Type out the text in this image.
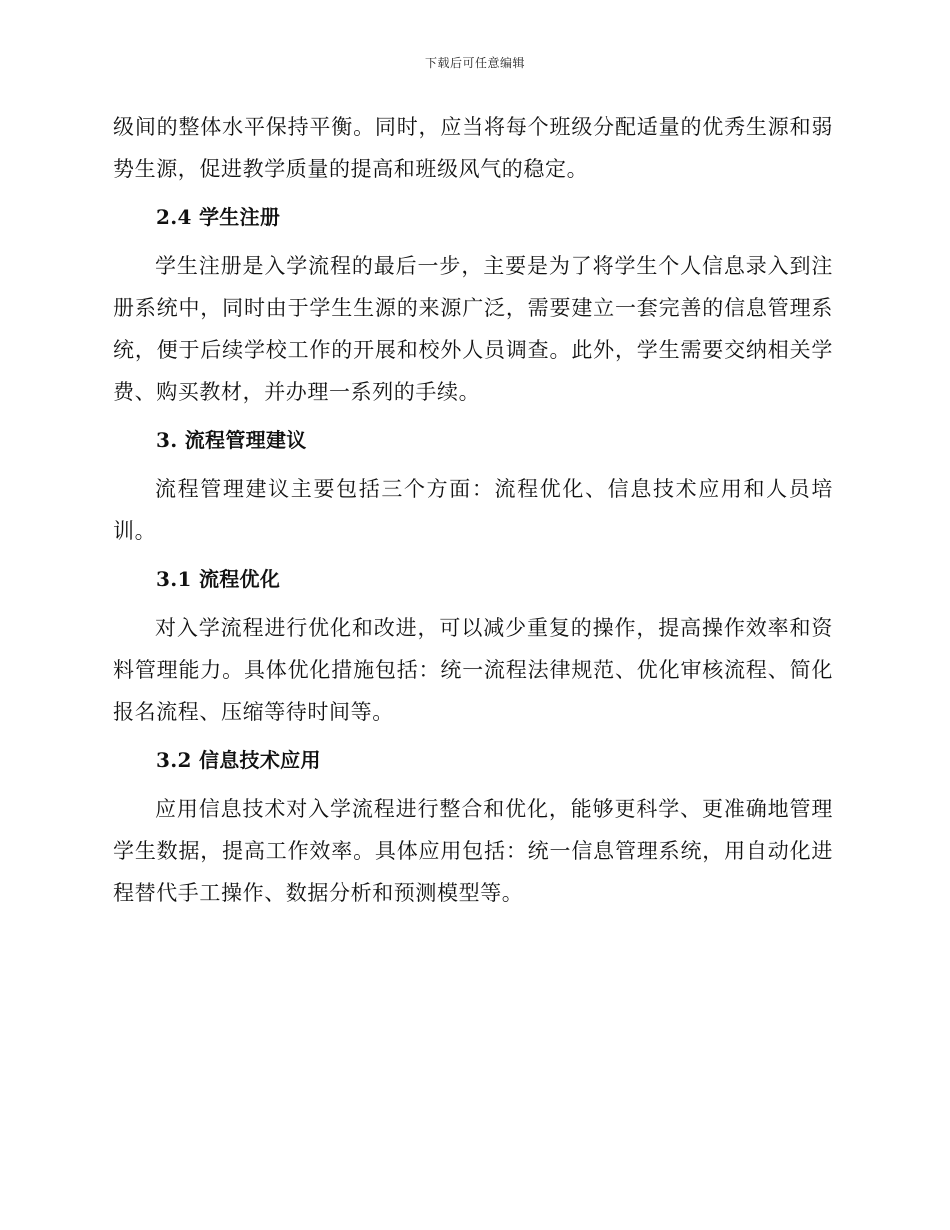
下载后可任意编辑

级间的整体水平保持平衡。同时，应当将每个班级分配适量的优秀生源和弱势生源，促进教学质量的提高和班级风气的稳定。

2.4 学生注册

学生注册是入学流程的最后一步，主要是为了将学生个人信息录入到注册系统中，同时由于学生生源的来源广泛，需要建立一套完善的信息管理系统，便于后续学校工作的开展和校外人员调查。此外，学生需要交纳相关学费、购买教材，并办理一系列的手续。

3. 流程管理建议

流程管理建议主要包括三个方面：流程优化、信息技术应用和人员培训。

3.1 流程优化

对入学流程进行优化和改进，可以减少重复的操作，提高操作效率和资料管理能力。具体优化措施包括：统一流程法律规范、优化审核流程、简化报名流程、压缩等待时间等。

3.2 信息技术应用

应用信息技术对入学流程进行整合和优化，能够更科学、更准确地管理学生数据，提高工作效率。具体应用包括：统一信息管理系统，用自动化进程替代手工操作、数据分析和预测模型等。
